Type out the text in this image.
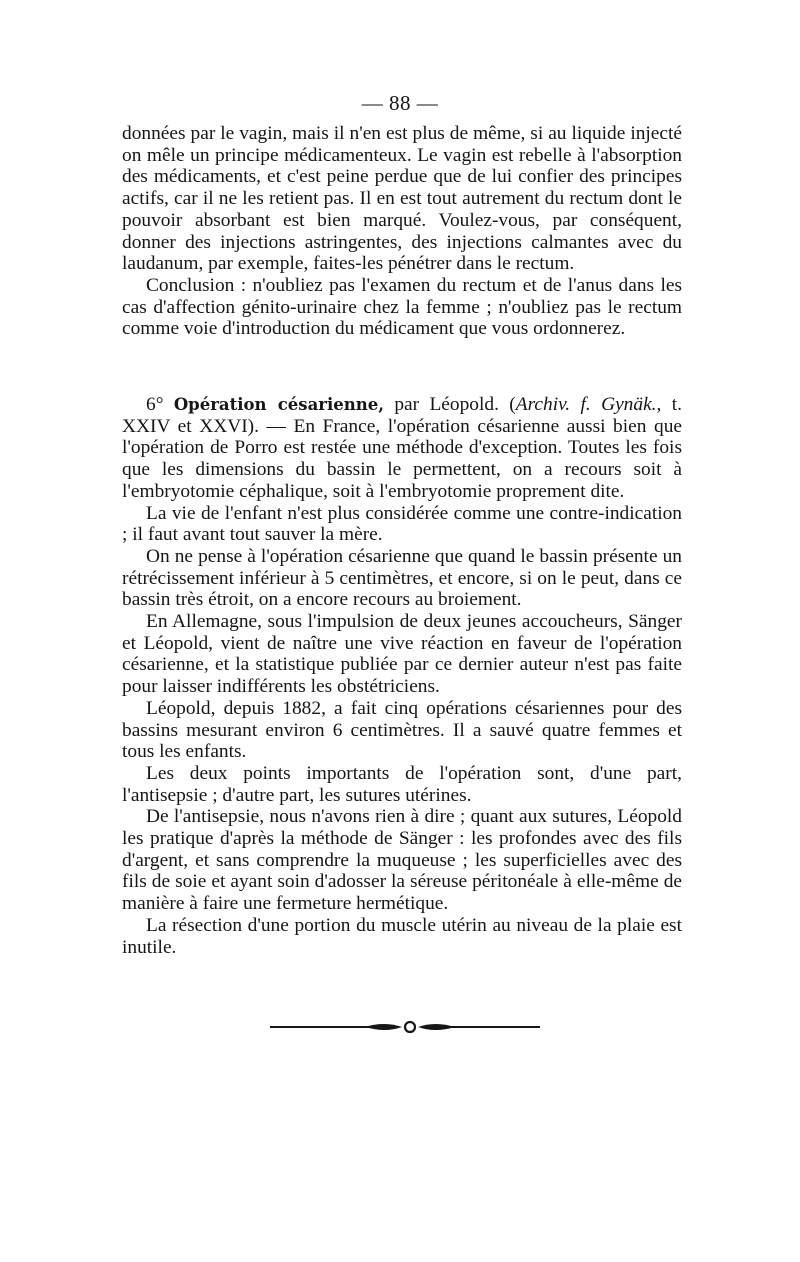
— 88 —

données par le vagin, mais il n'en est plus de même, si au liquide injecté on mêle un principe médicamenteux. Le vagin est rebelle à l'absorption des médicaments, et c'est peine perdue que de lui confier des principes actifs, car il ne les retient pas. Il en est tout autrement du rectum dont le pouvoir absorbant est bien marqué. Voulez-vous, par conséquent, donner des injections astringentes, des injections calmantes avec du laudanum, par exemple, faites-les pénétrer dans le rectum.

Conclusion : n'oubliez pas l'examen du rectum et de l'anus dans les cas d'affection génito-urinaire chez la femme ; n'oubliez pas le rectum comme voie d'introduction du médicament que vous ordonnerez.

6° Opération césarienne, par Léopold. (Archiv. f. Gynäk., t. XXIV et XXVI). — En France, l'opération césarienne aussi bien que l'opération de Porro est restée une méthode d'exception. Toutes les fois que les dimensions du bassin le permettent, on a recours soit à l'embryotomie céphalique, soit à l'embryotomie proprement dite.

La vie de l'enfant n'est plus considérée comme une contre-indication ; il faut avant tout sauver la mère.

On ne pense à l'opération césarienne que quand le bassin présente un rétrécissement inférieur à 5 centimètres, et encore, si on le peut, dans ce bassin très étroit, on a encore recours au broiement.

En Allemagne, sous l'impulsion de deux jeunes accoucheurs, Sänger et Léopold, vient de naître une vive réaction en faveur de l'opération césarienne, et la statistique publiée par ce dernier auteur n'est pas faite pour laisser indifférents les obstétriciens.

Léopold, depuis 1882, a fait cinq opérations césariennes pour des bassins mesurant environ 6 centimètres. Il a sauvé quatre femmes et tous les enfants.

Les deux points importants de l'opération sont, d'une part, l'antisepsie ; d'autre part, les sutures utérines.

De l'antisepsie, nous n'avons rien à dire ; quant aux sutures, Léopold les pratique d'après la méthode de Sänger : les profondes avec des fils d'argent, et sans comprendre la muqueuse ; les superficielles avec des fils de soie et ayant soin d'adosser la séreuse péritonéale à elle-même de manière à faire une fermeture hermétique.

La résection d'une portion du muscle utérin au niveau de la plaie est inutile.
